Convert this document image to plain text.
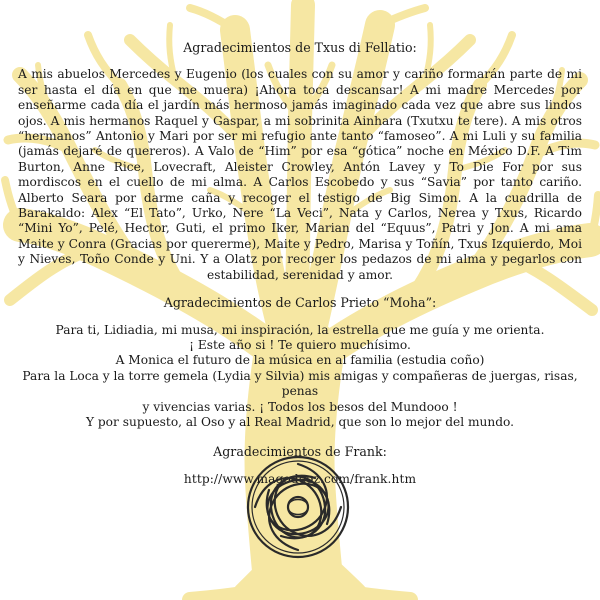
Agradecimientos de Txus di Fellatio:

A mis abuelos Mercedes y Eugenio (los cuales con su amor y cariño formarán parte de mi ser hasta el día en que me muera) ¡Ahora toca descansar! A mi madre Mercedes por enseñarme cada día el jardín más hermoso jamás imaginado cada vez que abre sus lindos ojos. A mis hermanos Raquel y Gaspar, a mi sobrinita Ainhara (Txutxu te tere). A mis otros “hermanos” Antonio y Mari por ser mi refugio ante tanto “famoseo”. A mi Luli y su familia (jamás dejaré de quereros). A Valo de “Him” por esa “gótica” noche en México D.F. A Tim Burton, Anne Rice, Lovecraft, Aleister Crowley, Antón Lavey y To Die For por sus mordiscos en el cuello de mi alma. A Carlos Escobedo y sus “Savia” por tanto cariño. Alberto Seara por darme caña y recoger el testigo de Big Simon. A la cuadrilla de Barakaldo: Alex “El Tato”, Urko, Nere “La Veci”, Nata y Carlos, Nerea y Txus, Ricardo “Mini Yo”, Pelé, Hector, Guti, el primo Iker, Marian del “Equus”, Patri y Jon. A mi ama Maite y Conra (Gracias por quererme), Maite y Pedro, Marisa y Toñín, Txus Izquierdo, Moi y Nieves, Toño Conde y Uni. Y a Olatz por recoger los pedazos de mi alma y pegarlos con estabilidad, serenidad y amor.

Agradecimientos de Carlos Prieto “Moha”:

Para ti, Lidiadia, mi musa, mi inspiración, la estrella que me guía y me orienta.
¡ Este año si ! Te quiero muchísimo.
A Monica el futuro de la música en al familia (estudia coño)
Para la Loca y la torre gemela (Lydia y Silvia) mis amigas y compañeras de juergas, risas, penas
y vivencias varias. ¡ Todos los besos del Mundooo !
Y por supuesto, al Oso y al Real Madrid, que son lo mejor del mundo.

Agradecimientos de Frank:

http://www.magodeoz.com/frank.htm
